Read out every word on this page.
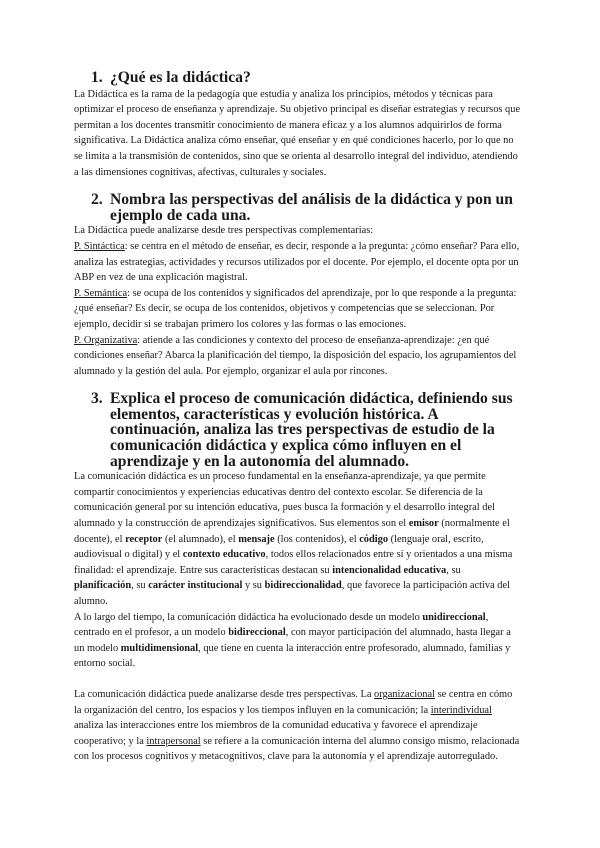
1. ¿Qué es la didáctica?

La Didáctica es la rama de la pedagogía que estudia y analiza los principios, métodos y técnicas para optimizar el proceso de enseñanza y aprendizaje. Su objetivo principal es diseñar estrategias y recursos que permitan a los docentes transmitir conocimiento de manera eficaz y a los alumnos adquirirlos de forma significativa. La Didáctica analiza cómo enseñar, qué enseñar y en qué condiciones hacerlo, por lo que no se limita a la transmisión de contenidos, sino que se orienta al desarrollo integral del individuo, atendiendo a las dimensiones cognitivas, afectivas, culturales y sociales.

2. Nombra las perspectivas del análisis de la didáctica y pon un ejemplo de cada una.

La Didáctica puede analizarse desde tres perspectivas complementarias:

P. Sintáctica: se centra en el método de enseñar, es decir, responde a la pregunta: ¿cómo enseñar? Para ello, analiza las estrategias, actividades y recursos utilizados por el docente. Por ejemplo, el docente opta por un ABP en vez de una explicación magistral.

P. Semántica: se ocupa de los contenidos y significados del aprendizaje, por lo que responde a la pregunta: ¿qué enseñar? Es decir, se ocupa de los contenidos, objetivos y competencias que se seleccionan. Por ejemplo, decidir si se trabajan primero los colores y las formas o las emociones.

P. Organizativa: atiende a las condiciones y contexto del proceso de enseñanza-aprendizaje: ¿en qué condiciones enseñar? Abarca la planificación del tiempo, la disposición del espacio, los agrupamientos del alumnado y la gestión del aula. Por ejemplo, organizar el aula por rincones.

3. Explica el proceso de comunicación didáctica, definiendo sus elementos, características y evolución histórica. A continuación, analiza las tres perspectivas de estudio de la comunicación didáctica y explica cómo influyen en el aprendizaje y en la autonomía del alumnado.

La comunicación didáctica es un proceso fundamental en la enseñanza-aprendizaje, ya que permite compartir conocimientos y experiencias educativas dentro del contexto escolar. Se diferencia de la comunicación general por su intención educativa, pues busca la formación y el desarrollo integral del alumnado y la construcción de aprendizajes significativos. Sus elementos son el emisor (normalmente el docente), el receptor (el alumnado), el mensaje (los contenidos), el código (lenguaje oral, escrito, audiovisual o digital) y el contexto educativo, todos ellos relacionados entre sí y orientados a una misma finalidad: el aprendizaje. Entre sus características destacan su intencionalidad educativa, su planificación, su carácter institucional y su bidireccionalidad, que favorece la participación activa del alumno.

A lo largo del tiempo, la comunicación didáctica ha evolucionado desde un modelo unidireccional, centrado en el profesor, a un modelo bidireccional, con mayor participación del alumnado, hasta llegar a un modelo multidimensional, que tiene en cuenta la interacción entre profesorado, alumnado, familias y entorno social.

La comunicación didáctica puede analizarse desde tres perspectivas. La organizacional se centra en cómo la organización del centro, los espacios y los tiempos influyen en la comunicación; la interindividual analiza las interacciones entre los miembros de la comunidad educativa y favorece el aprendizaje cooperativo; y la intrapersonal se refiere a la comunicación interna del alumno consigo mismo, relacionada con los procesos cognitivos y metacognitivos, clave para la autonomía y el aprendizaje autorregulado.
